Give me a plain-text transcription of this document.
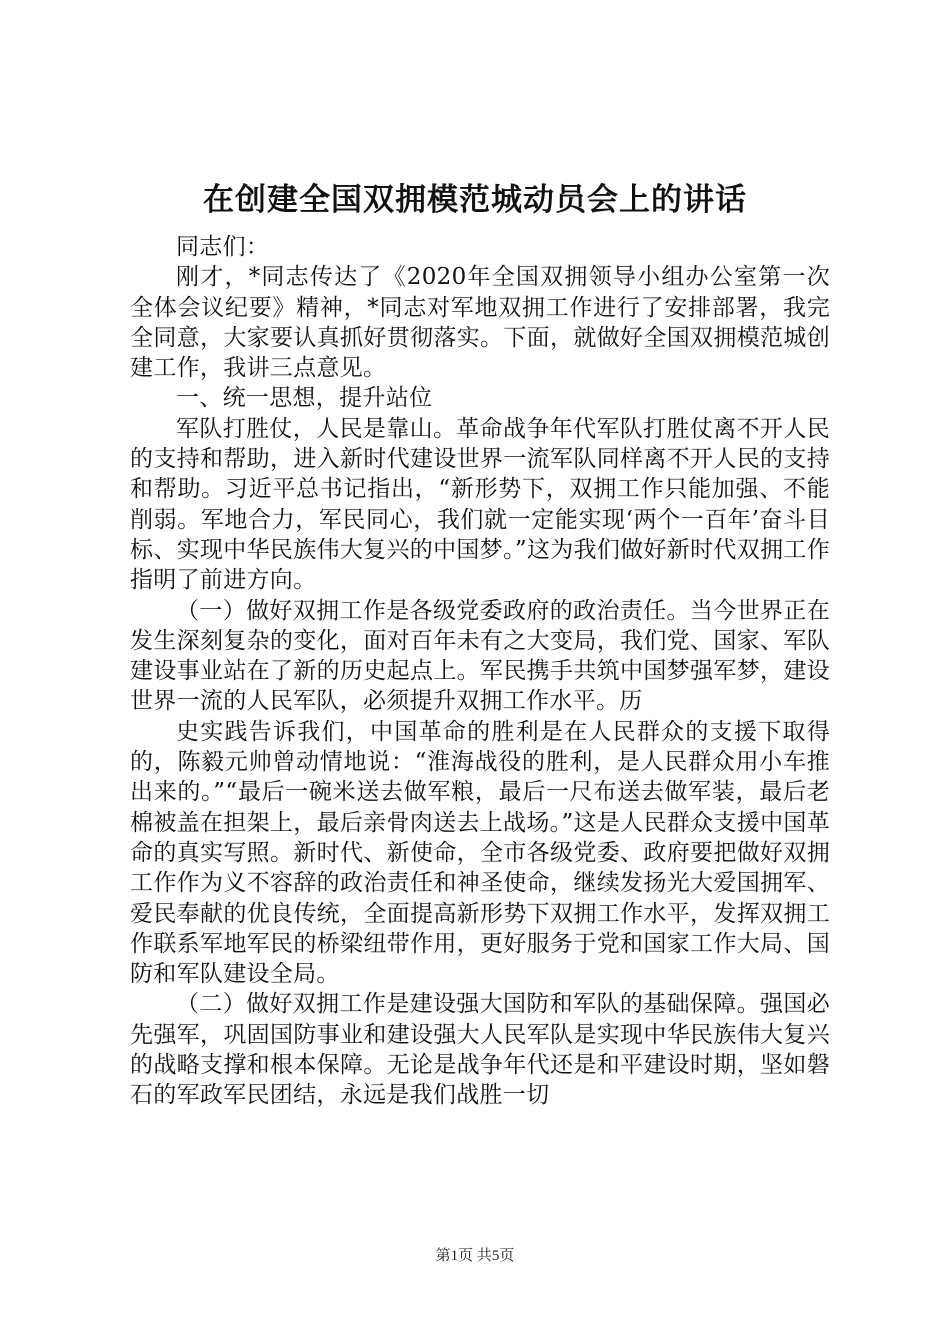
在创建全国双拥模范城动员会上的讲话

同志们：

刚才，*同志传达了《2020年全国双拥领导小组办公室第一次全体会议纪要》精神，*同志对军地双拥工作进行了安排部署，我完全同意，大家要认真抓好贯彻落实。下面，就做好全国双拥模范城创建工作，我讲三点意见。

一、统一思想，提升站位

军队打胜仗，人民是靠山。革命战争年代军队打胜仗离不开人民的支持和帮助，进入新时代建设世界一流军队同样离不开人民的支持和帮助。习近平总书记指出，“新形势下，双拥工作只能加强、不能削弱。军地合力，军民同心，我们就一定能实现‘两个一百年’奋斗目标、实现中华民族伟大复兴的中国梦。”这为我们做好新时代双拥工作指明了前进方向。

（一）做好双拥工作是各级党委政府的政治责任。当今世界正在发生深刻复杂的变化，面对百年未有之大变局，我们党、国家、军队建设事业站在了新的历史起点上。军民携手共筑中国梦强军梦，建设世界一流的人民军队，必须提升双拥工作水平。历

史实践告诉我们，中国革命的胜利是在人民群众的支援下取得的，陈毅元帅曾动情地说：“淮海战役的胜利，是人民群众用小车推出来的。”“最后一碗米送去做军粮，最后一尺布送去做军装，最后老棉被盖在担架上，最后亲骨肉送去上战场。”这是人民群众支援中国革命的真实写照。新时代、新使命，全市各级党委、政府要把做好双拥工作作为义不容辞的政治责任和神圣使命，继续发扬光大爱国拥军、爱民奉献的优良传统，全面提高新形势下双拥工作水平，发挥双拥工作联系军地军民的桥梁纽带作用，更好服务于党和国家工作大局、国防和军队建设全局。

（二）做好双拥工作是建设强大国防和军队的基础保障。强国必先强军，巩固国防事业和建设强大人民军队是实现中华民族伟大复兴的战略支撑和根本保障。无论是战争年代还是和平建设时期，坚如磐石的军政军民团结，永远是我们战胜一切

第1页 共5页
